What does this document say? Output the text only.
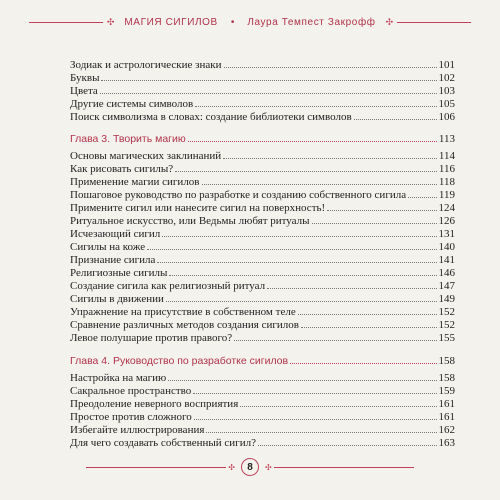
✣	МАГИЯ СИГИЛОВ	•	Лаура Темпест Закрофф	✣
Зодиак и астрологические знаки	101
Буквы	102
Цвета	103
Другие системы символов	105
Поиск символизма в словах: создание библиотеки символов	106
Глава 3. Творить магию	113
Основы магических заклинаний	114
Как рисовать сигилы?	116
Применение магии сигилов	118
Пошаговое руководство по разработке и созданию собственного сигила	119
Примените сигил или нанесите сигил на поверхность!	124
Ритуальное искусство, или Ведьмы любят ритуалы	126
Исчезающий сигил	131
Сигилы на коже	140
Признание сигила	141
Религиозные сигилы	146
Создание сигила как религиозный ритуал	147
Сигилы в движении	149
Упражнение на присутствие в собственном теле	152
Сравнение различных методов создания сигилов	152
Левое полушарие против правого?	155
Глава 4. Руководство по разработке сигилов	158
Настройка на магию	158
Сакральное пространство	159
Преодоление неверного восприятия	161
Простое против сложного	161
Избегайте иллюстрирования	162
Для чего создавать собственный сигил?	163
✣	8	✣
